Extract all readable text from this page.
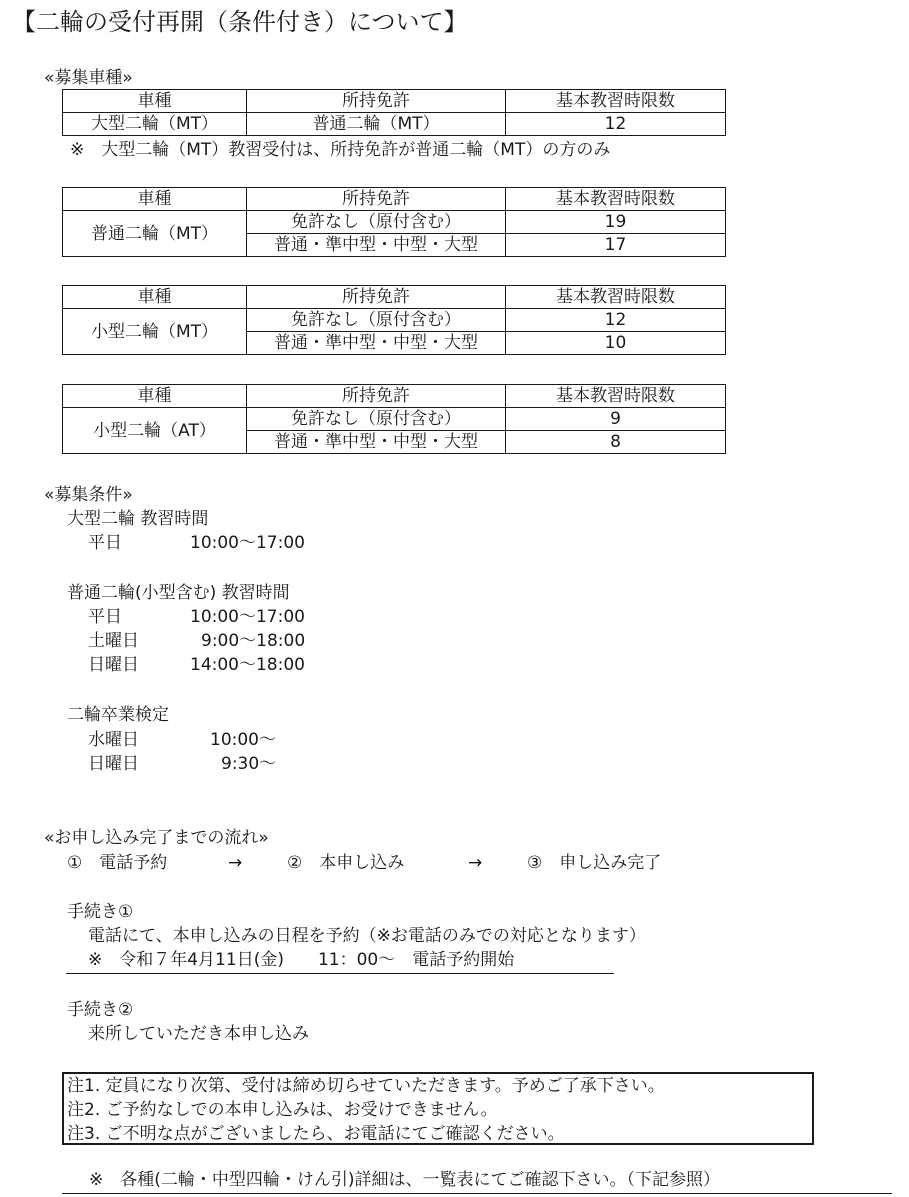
【二輪の受付再開（条件付き）について】
«募集車種»
車種	所持免許	基本教習時限数
大型二輪（MT）	普通二輪（MT）	12
※　大型二輪（MT）教習受付は、所持免許が普通二輪（MT）の方のみ
車種	所持免許	基本教習時限数
普通二輪（MT）	免許なし（原付含む）	19
	普通・準中型・中型・大型	17
車種	所持免許	基本教習時限数
小型二輪（MT）	免許なし（原付含む）	12
	普通・準中型・中型・大型	10
車種	所持免許	基本教習時限数
小型二輪（AT）	免許なし（原付含む）	9
	普通・準中型・中型・大型	8
«募集条件»
大型二輪 教習時間
平日	10:00〜17:00
普通二輪(小型含む) 教習時間
平日	10:00〜17:00
土曜日	9:00〜18:00
日曜日	14:00〜18:00
二輪卒業検定
水曜日	10:00〜
日曜日	9:30〜
«お申し込み完了までの流れ»
①　電話予約	→	②　本申し込み	→	③　申し込み完了
手続き①
電話にて、本申し込みの日程を予約（※お電話のみでの対応となります）
※　令和７年4月11日(金)　　11：00〜　電話予約開始
手続き②
来所していただき本申し込み
注1. 定員になり次第、受付は締め切らせていただきます。予めご了承下さい。
注2. ご予約なしでの本申し込みは、お受けできません。
注3. ご不明な点がございましたら、お電話にてご確認ください。
※　各種(二輪・中型四輪・けん引)詳細は、一覧表にてご確認下さい。（下記参照）
